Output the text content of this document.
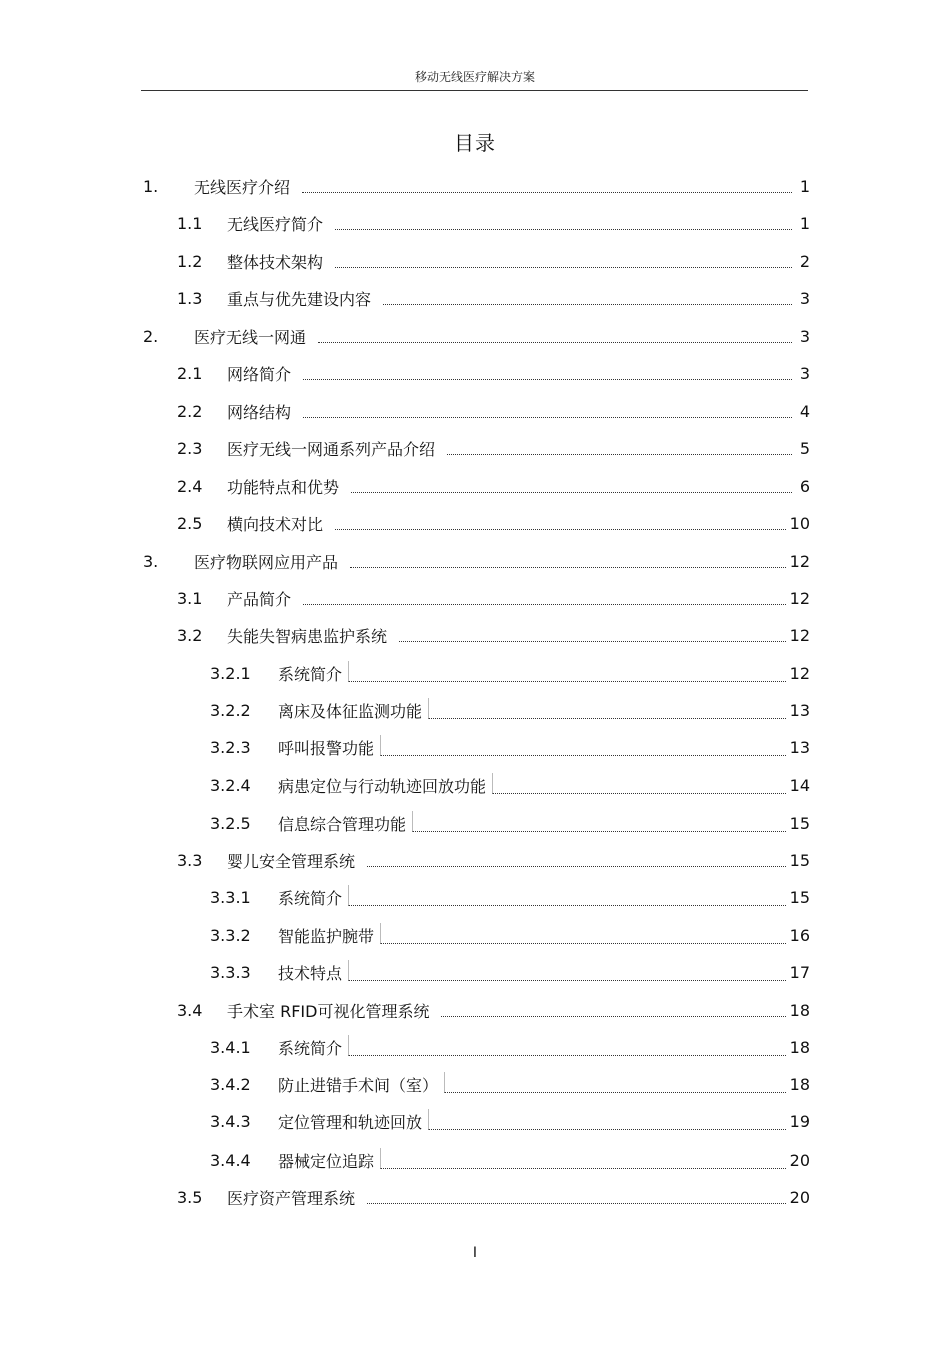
移动无线医疗解决方案
目录
1.	无线医疗介绍	1
1.1	无线医疗简介	1
1.2	整体技术架构	2
1.3	重点与优先建设内容	3
2.	医疗无线一网通	3
2.1	网络简介	3
2.2	网络结构	4
2.3	医疗无线一网通系列产品介绍	5
2.4	功能特点和优势	6
2.5	横向技术对比	10
3.	医疗物联网应用产品	12
3.1	产品简介	12
3.2	失能失智病患监护系统	12
3.2.1	系统简介	12
3.2.2	离床及体征监测功能	13
3.2.3	呼叫报警功能	13
3.2.4	病患定位与行动轨迹回放功能	14
3.2.5	信息综合管理功能	15
3.3	婴儿安全管理系统	15
3.3.1	系统简介	15
3.3.2	智能监护腕带	16
3.3.3	技术特点	17
3.4	手术室 RFID可视化管理系统	18
3.4.1	系统简介	18
3.4.2	防止进错手术间（室）	18
3.4.3	定位管理和轨迹回放	19
3.4.4	器械定位追踪	20
3.5	医疗资产管理系统	20
I
